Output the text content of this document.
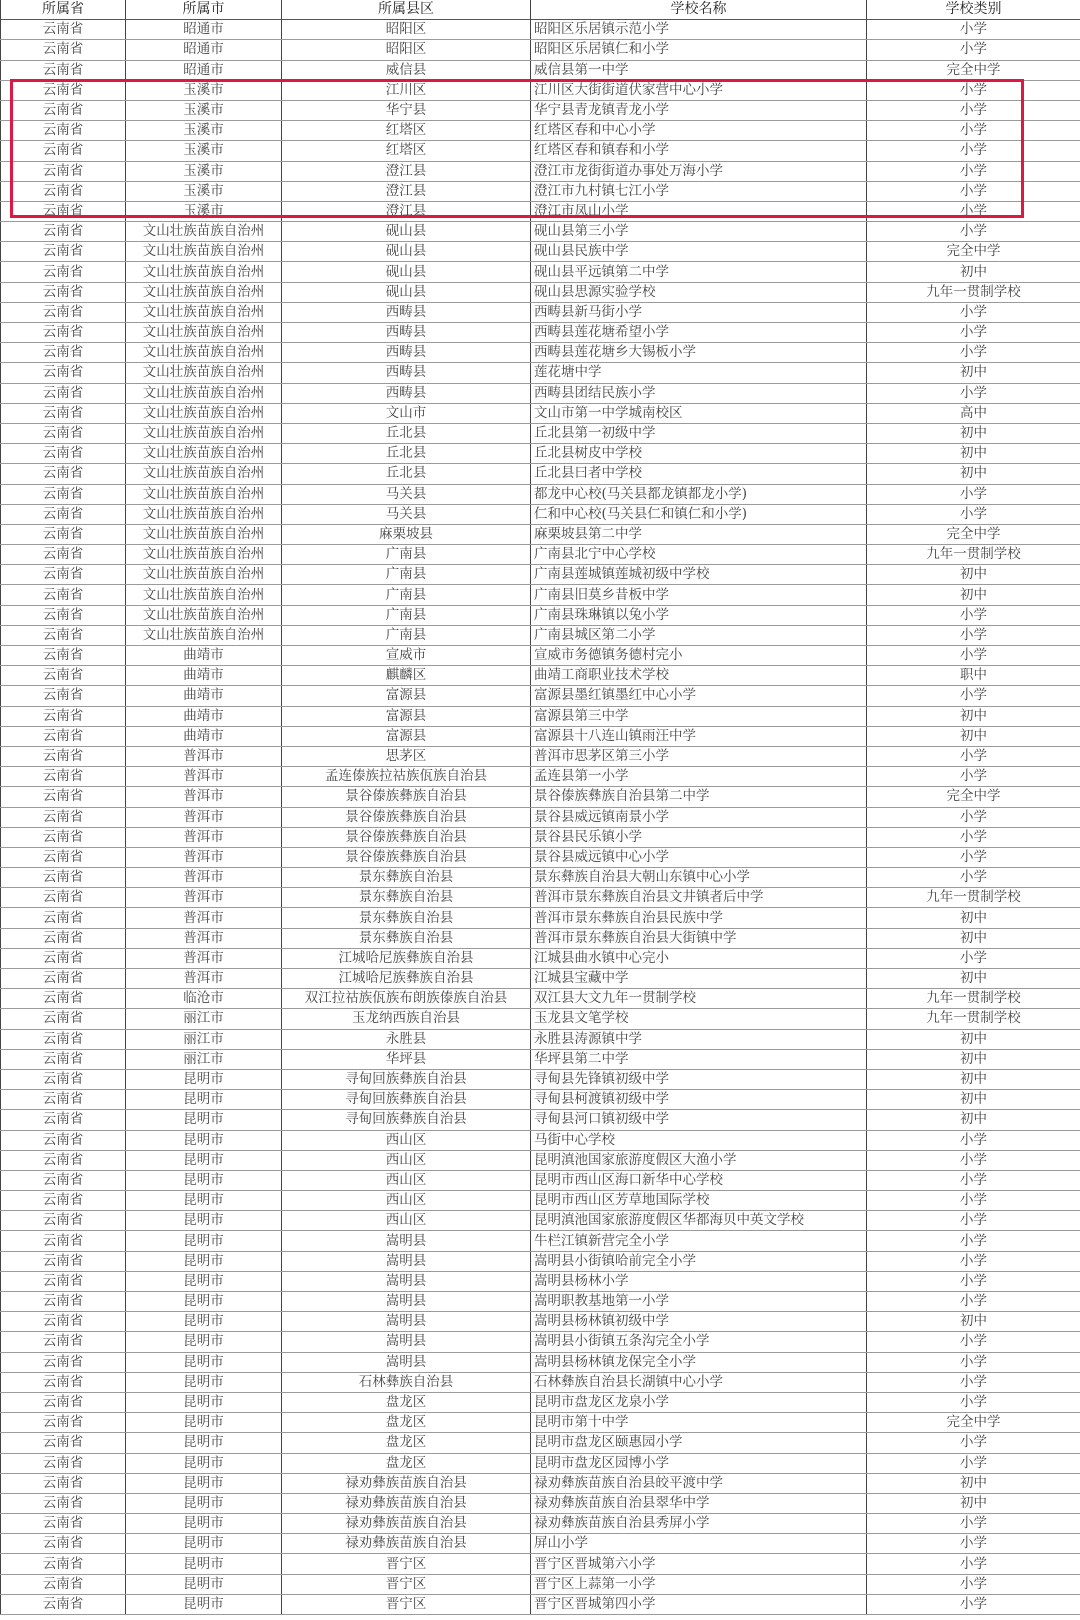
所属省	所属市	所属县区	学校名称	学校类别
云南省	昭通市	昭阳区	昭阳区乐居镇示范小学	小学
云南省	昭通市	昭阳区	昭阳区乐居镇仁和小学	小学
云南省	昭通市	威信县	威信县第一中学	完全中学
云南省	玉溪市	江川区	江川区大街街道伏家营中心小学	小学
云南省	玉溪市	华宁县	华宁县青龙镇青龙小学	小学
云南省	玉溪市	红塔区	红塔区春和中心小学	小学
云南省	玉溪市	红塔区	红塔区春和镇春和小学	小学
云南省	玉溪市	澄江县	澄江市龙街街道办事处万海小学	小学
云南省	玉溪市	澄江县	澄江市九村镇七江小学	小学
云南省	玉溪市	澄江县	澄江市凤山小学	小学
云南省	文山壮族苗族自治州	砚山县	砚山县第三小学	小学
云南省	文山壮族苗族自治州	砚山县	砚山县民族中学	完全中学
云南省	文山壮族苗族自治州	砚山县	砚山县平远镇第二中学	初中
云南省	文山壮族苗族自治州	砚山县	砚山县思源实验学校	九年一贯制学校
云南省	文山壮族苗族自治州	西畴县	西畴县新马街小学	小学
云南省	文山壮族苗族自治州	西畴县	西畴县莲花塘希望小学	小学
云南省	文山壮族苗族自治州	西畴县	西畴县莲花塘乡大锡板小学	小学
云南省	文山壮族苗族自治州	西畴县	莲花塘中学	初中
云南省	文山壮族苗族自治州	西畴县	西畴县团结民族小学	小学
云南省	文山壮族苗族自治州	文山市	文山市第一中学城南校区	高中
云南省	文山壮族苗族自治州	丘北县	丘北县第一初级中学	初中
云南省	文山壮族苗族自治州	丘北县	丘北县树皮中学校	初中
云南省	文山壮族苗族自治州	丘北县	丘北县曰者中学校	初中
云南省	文山壮族苗族自治州	马关县	都龙中心校(马关县都龙镇都龙小学)	小学
云南省	文山壮族苗族自治州	马关县	仁和中心校(马关县仁和镇仁和小学)	小学
云南省	文山壮族苗族自治州	麻栗坡县	麻栗坡县第二中学	完全中学
云南省	文山壮族苗族自治州	广南县	广南县北宁中心学校	九年一贯制学校
云南省	文山壮族苗族自治州	广南县	广南县莲城镇莲城初级中学校	初中
云南省	文山壮族苗族自治州	广南县	广南县旧莫乡昔板中学	初中
云南省	文山壮族苗族自治州	广南县	广南县珠琳镇以兔小学	小学
云南省	文山壮族苗族自治州	广南县	广南县城区第二小学	小学
云南省	曲靖市	宣威市	宣威市务德镇务德村完小	小学
云南省	曲靖市	麒麟区	曲靖工商职业技术学校	职中
云南省	曲靖市	富源县	富源县墨红镇墨红中心小学	小学
云南省	曲靖市	富源县	富源县第三中学	初中
云南省	曲靖市	富源县	富源县十八连山镇雨汪中学	初中
云南省	普洱市	思茅区	普洱市思茅区第三小学	小学
云南省	普洱市	孟连傣族拉祜族佤族自治县	孟连县第一小学	小学
云南省	普洱市	景谷傣族彝族自治县	景谷傣族彝族自治县第二中学	完全中学
云南省	普洱市	景谷傣族彝族自治县	景谷县威远镇南景小学	小学
云南省	普洱市	景谷傣族彝族自治县	景谷县民乐镇小学	小学
云南省	普洱市	景谷傣族彝族自治县	景谷县威远镇中心小学	小学
云南省	普洱市	景东彝族自治县	景东彝族自治县大朝山东镇中心小学	小学
云南省	普洱市	景东彝族自治县	普洱市景东彝族自治县文井镇者后中学	九年一贯制学校
云南省	普洱市	景东彝族自治县	普洱市景东彝族自治县民族中学	初中
云南省	普洱市	景东彝族自治县	普洱市景东彝族自治县大街镇中学	初中
云南省	普洱市	江城哈尼族彝族自治县	江城县曲水镇中心完小	小学
云南省	普洱市	江城哈尼族彝族自治县	江城县宝藏中学	初中
云南省	临沧市	双江拉祜族佤族布朗族傣族自治县	双江县大文九年一贯制学校	九年一贯制学校
云南省	丽江市	玉龙纳西族自治县	玉龙县文笔学校	九年一贯制学校
云南省	丽江市	永胜县	永胜县涛源镇中学	初中
云南省	丽江市	华坪县	华坪县第二中学	初中
云南省	昆明市	寻甸回族彝族自治县	寻甸县先锋镇初级中学	初中
云南省	昆明市	寻甸回族彝族自治县	寻甸县柯渡镇初级中学	初中
云南省	昆明市	寻甸回族彝族自治县	寻甸县河口镇初级中学	初中
云南省	昆明市	西山区	马街中心学校	小学
云南省	昆明市	西山区	昆明滇池国家旅游度假区大渔小学	小学
云南省	昆明市	西山区	昆明市西山区海口新华中心学校	小学
云南省	昆明市	西山区	昆明市西山区芳草地国际学校	小学
云南省	昆明市	西山区	昆明滇池国家旅游度假区华都海贝中英文学校	小学
云南省	昆明市	嵩明县	牛栏江镇新营完全小学	小学
云南省	昆明市	嵩明县	嵩明县小街镇哈前完全小学	小学
云南省	昆明市	嵩明县	嵩明县杨林小学	小学
云南省	昆明市	嵩明县	嵩明职教基地第一小学	小学
云南省	昆明市	嵩明县	嵩明县杨林镇初级中学	初中
云南省	昆明市	嵩明县	嵩明县小街镇五条沟完全小学	小学
云南省	昆明市	嵩明县	嵩明县杨林镇龙保完全小学	小学
云南省	昆明市	石林彝族自治县	石林彝族自治县长湖镇中心小学	小学
云南省	昆明市	盘龙区	昆明市盘龙区龙泉小学	小学
云南省	昆明市	盘龙区	昆明市第十中学	完全中学
云南省	昆明市	盘龙区	昆明市盘龙区颐惠园小学	小学
云南省	昆明市	盘龙区	昆明市盘龙区园博小学	小学
云南省	昆明市	禄劝彝族苗族自治县	禄劝彝族苗族自治县皎平渡中学	初中
云南省	昆明市	禄劝彝族苗族自治县	禄劝彝族苗族自治县翠华中学	初中
云南省	昆明市	禄劝彝族苗族自治县	禄劝彝族苗族自治县秀屏小学	小学
云南省	昆明市	禄劝彝族苗族自治县	屏山小学	小学
云南省	昆明市	晋宁区	晋宁区晋城第六小学	小学
云南省	昆明市	晋宁区	晋宁区上蒜第一小学	小学
云南省	昆明市	晋宁区	晋宁区晋城第四小学	小学
